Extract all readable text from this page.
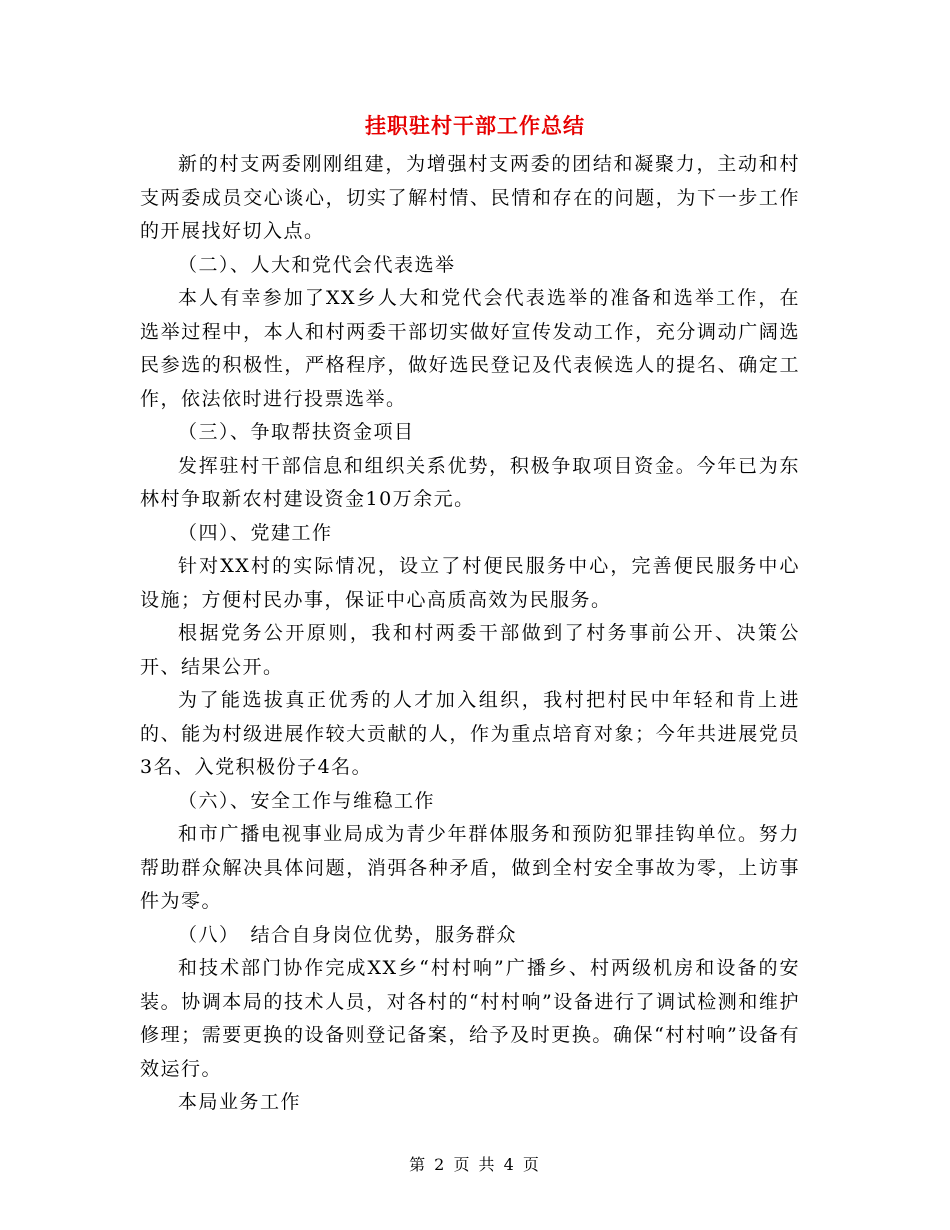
挂职驻村干部工作总结

新的村支两委刚刚组建，为增强村支两委的团结和凝聚力，主动和村支两委成员交心谈心，切实了解村情、民情和存在的问题，为下一步工作的开展找好切入点。

（二）、人大和党代会代表选举

本人有幸参加了XX乡人大和党代会代表选举的准备和选举工作，在选举过程中，本人和村两委干部切实做好宣传发动工作，充分调动广阔选民参选的积极性，严格程序，做好选民登记及代表候选人的提名、确定工作，依法依时进行投票选举。

（三）、争取帮扶资金项目

发挥驻村干部信息和组织关系优势，积极争取项目资金。今年已为东林村争取新农村建设资金10万余元。

（四）、党建工作

针对XX村的实际情况，设立了村便民服务中心，完善便民服务中心设施；方便村民办事，保证中心高质高效为民服务。

根据党务公开原则，我和村两委干部做到了村务事前公开、决策公开、结果公开。

为了能选拔真正优秀的人才加入组织，我村把村民中年轻和肯上进的、能为村级进展作较大贡献的人，作为重点培育对象；今年共进展党员3名、入党积极份子4名。

（六）、安全工作与维稳工作

和市广播电视事业局成为青少年群体服务和预防犯罪挂钩单位。努力帮助群众解决具体问题，消弭各种矛盾，做到全村安全事故为零，上访事件为零。

（八）　结合自身岗位优势，服务群众

和技术部门协作完成XX乡“村村响”广播乡、村两级机房和设备的安装。协调本局的技术人员，对各村的“村村响”设备进行了调试检测和维护修理；需要更换的设备则登记备案，给予及时更换。确保“村村响”设备有效运行。

本局业务工作

第 2 页 共 4 页
